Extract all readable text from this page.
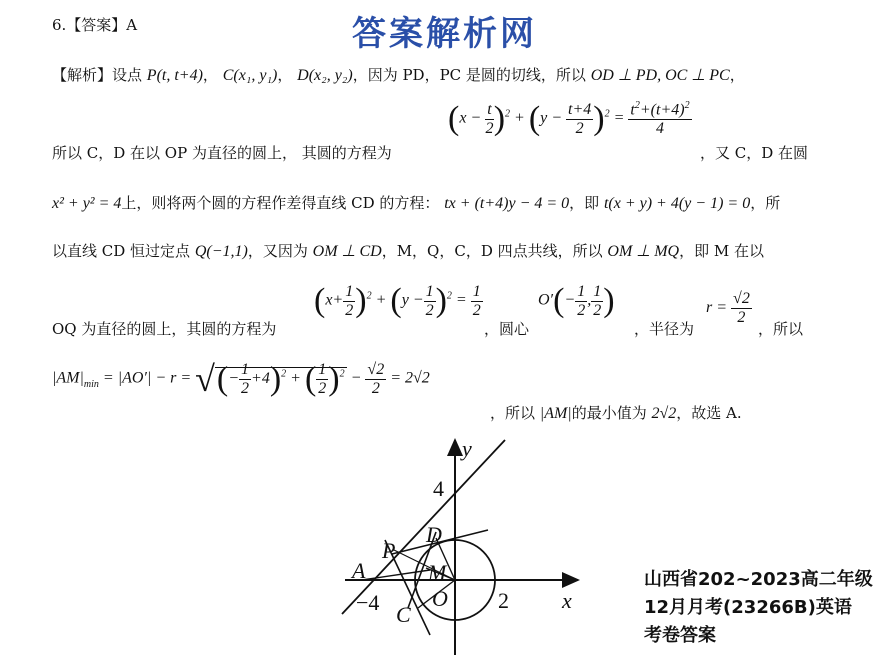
6.【答案】A	答案解析网
【解析】设点 P(t, t+4)， C(x₁, y₁)， D(x₂, y₂)，因为 PD，PC 是圆的切线，所以 OD ⊥ PD, OC ⊥ PC，
所以 C，D 在以 OP 为直径的圆上， 其圆的方程为
$(x - \frac{t}{2} )^2 + (y - \frac{t+4}{2} )^2 = \frac{t^2+(t+4)^2}{4}$
，又 C，D 在圆
x² + y² = 4上，则将两个圆的方程作差得直线 CD 的方程： tx + (t+4)y − 4 = 0，即 t(x + y) + 4(y − 1) = 0，所
以直线 CD 恒过定点 Q(−1,1)，又因为 OM ⊥ CD，M，Q，C，D 四点共线，所以 OM ⊥ MQ，即 M 在以
OQ 为直径的圆上，其圆的方程为
$(x+ \frac{1}{2} )^2 + (y - \frac{1}{2} )^2 = \frac{1}{2}$
，圆心
$O'(- \frac{1}{2}$ , $\frac{1}{2}$ )
，半径为
$r = \frac{√2}{2}$
，所以
$|AM|_{min} = |AO'| - r$ = √(− $\frac{1}{2} +4)^2$ + ( $\frac{1}{2} )^2 - \frac{√2}{2} = 2√2$
，所以 |AM|的最小值为 2√2，故选 A.
y
4
D
P
M
A
−4 O 2 x
C
山西省202~2023高二年级
12月月考(23266B)英语
考卷答案
